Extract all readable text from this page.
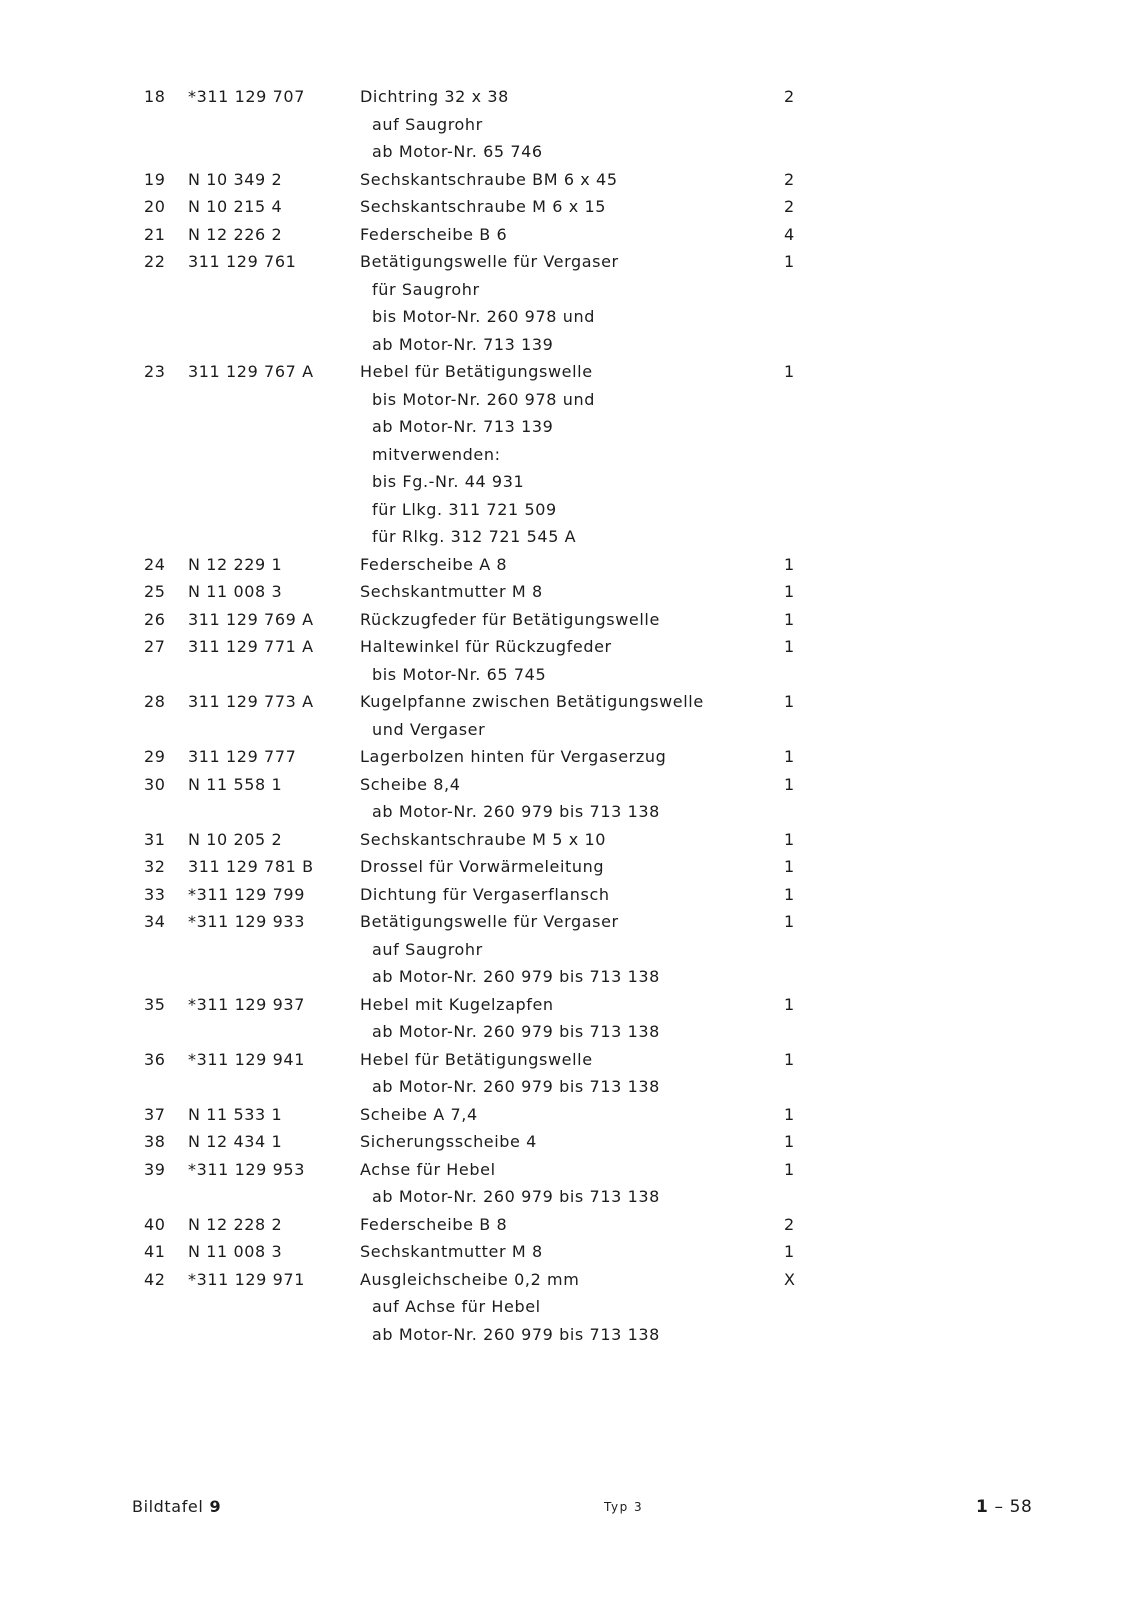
18	*311 129 707	Dichtring 32 x 38	2
auf Saugrohr
ab Motor-Nr. 65 746
19	N 10 349 2	Sechskantschraube BM 6 x 45	2
20	N 10 215 4	Sechskantschraube M 6 x 15	2
21	N 12 226 2	Federscheibe B 6	4
22	311 129 761	Betätigungswelle für Vergaser	1
für Saugrohr
bis Motor-Nr. 260 978 und
ab Motor-Nr. 713 139
23	311 129 767 A	Hebel für Betätigungswelle	1
bis Motor-Nr. 260 978 und
ab Motor-Nr. 713 139
mitverwenden:
bis Fg.-Nr. 44 931
für Llkg. 311 721 509
für Rlkg. 312 721 545 A
24	N 12 229 1	Federscheibe A 8	1
25	N 11 008 3	Sechskantmutter M 8	1
26	311 129 769 A	Rückzugfeder für Betätigungswelle	1
27	311 129 771 A	Haltewinkel für Rückzugfeder	1
bis Motor-Nr. 65 745
28	311 129 773 A	Kugelpfanne zwischen Betätigungswelle	1
und Vergaser
29	311 129 777	Lagerbolzen hinten für Vergaserzug	1
30	N 11 558 1	Scheibe 8,4	1
ab Motor-Nr. 260 979 bis 713 138
31	N 10 205 2	Sechskantschraube M 5 x 10	1
32	311 129 781 B	Drossel für Vorwärmeleitung	1
33	*311 129 799	Dichtung für Vergaserflansch	1
34	*311 129 933	Betätigungswelle für Vergaser	1
auf Saugrohr
ab Motor-Nr. 260 979 bis 713 138
35	*311 129 937	Hebel mit Kugelzapfen	1
ab Motor-Nr. 260 979 bis 713 138
36	*311 129 941	Hebel für Betätigungswelle	1
ab Motor-Nr. 260 979 bis 713 138
37	N 11 533 1	Scheibe A 7,4	1
38	N 12 434 1	Sicherungsscheibe 4	1
39	*311 129 953	Achse für Hebel	1
ab Motor-Nr. 260 979 bis 713 138
40	N 12 228 2	Federscheibe B 8	2
41	N 11 008 3	Sechskantmutter M 8	1
42	*311 129 971	Ausgleichscheibe 0,2 mm	X
auf Achse für Hebel
ab Motor-Nr. 260 979 bis 713 138
Bildtafel 9	Typ 3	1 – 58
